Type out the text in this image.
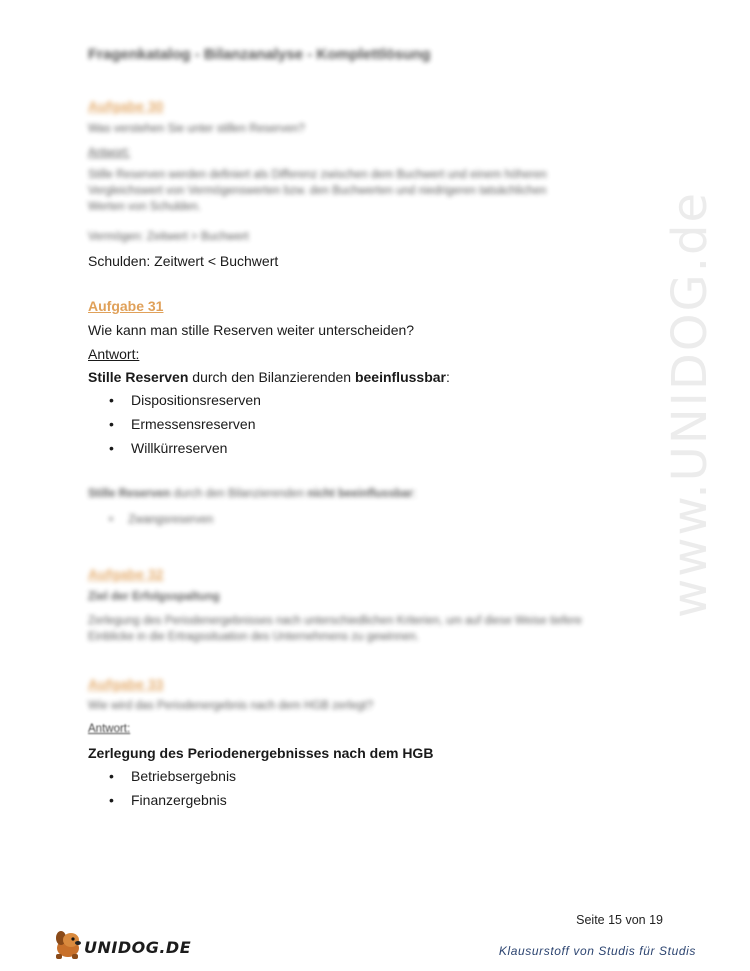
www.UNIDOG.de
Fragenkatalog - Bilanzanalyse - Komplettlösung
Aufgabe 30
Was verstehen Sie unter stillen Reserven?
Antwort:
Stille Reserven werden definiert als Differenz zwischen dem Buchwert und einem höheren
Vergleichswert von Vermögenswerten bzw. den Buchwerten und niedrigeren tatsächlichen
Werten von Schulden.
Vermögen: Zeitwert > Buchwert
Schulden: Zeitwert < Buchwert
Aufgabe 31
Wie kann man stille Reserven weiter unterscheiden?
Antwort:
Stille Reserven durch den Bilanzierenden beeinflussbar:
• Dispositionsreserven
• Ermessensreserven
• Willkürreserven
Stille Reserven durch den Bilanzierenden nicht beeinflussbar:
• Zwangsreserven
Aufgabe 32
Ziel der Erfolgsspaltung
Zerlegung des Periodenergebnisses nach unterschiedlichen Kriterien, um auf diese Weise tiefere
Einblicke in die Ertragssituation des Unternehmens zu gewinnen.
Aufgabe 33
Wie wird das Periodenergebnis nach dem HGB zerlegt?
Antwort:
Zerlegung des Periodenergebnisses nach dem HGB
• Betriebsergebnis
• Finanzergebnis
Seite 15 von 19
UNIDOG.DE	Klausurstoff von Studis für Studis
